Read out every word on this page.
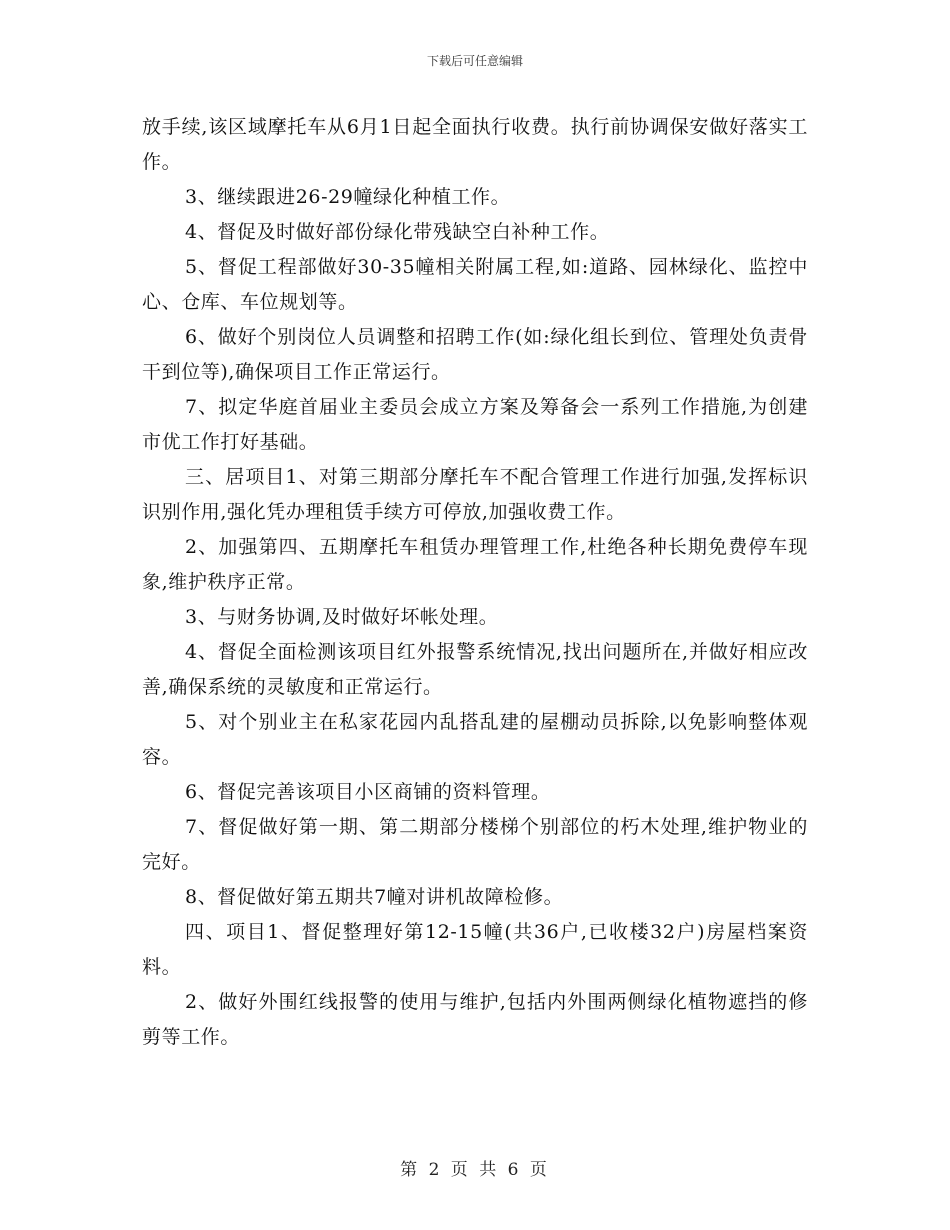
下载后可任意编辑

放手续,该区域摩托车从6月1日起全面执行收费。执行前协调保安做好落实工作。

3、继续跟进26-29幢绿化种植工作。

4、督促及时做好部份绿化带残缺空白补种工作。

5、督促工程部做好30-35幢相关附属工程,如:道路、园林绿化、监控中心、仓库、车位规划等。

6、做好个别岗位人员调整和招聘工作(如:绿化组长到位、管理处负责骨干到位等),确保项目工作正常运行。

7、拟定华庭首届业主委员会成立方案及筹备会一系列工作措施,为创建市优工作打好基础。

三、居项目1、对第三期部分摩托车不配合管理工作进行加强,发挥标识识别作用,强化凭办理租赁手续方可停放,加强收费工作。

2、加强第四、五期摩托车租赁办理管理工作,杜绝各种长期免费停车现象,维护秩序正常。

3、与财务协调,及时做好坏帐处理。

4、督促全面检测该项目红外报警系统情况,找出问题所在,并做好相应改善,确保系统的灵敏度和正常运行。

5、对个别业主在私家花园内乱搭乱建的屋棚动员拆除,以免影响整体观容。

6、督促完善该项目小区商铺的资料管理。

7、督促做好第一期、第二期部分楼梯个别部位的朽木处理,维护物业的完好。

8、督促做好第五期共7幢对讲机故障检修。

四、项目1、督促整理好第12-15幢(共36户,已收楼32户)房屋档案资料。

2、做好外围红线报警的使用与维护,包括内外围两侧绿化植物遮挡的修剪等工作。

第 2 页 共 6 页
